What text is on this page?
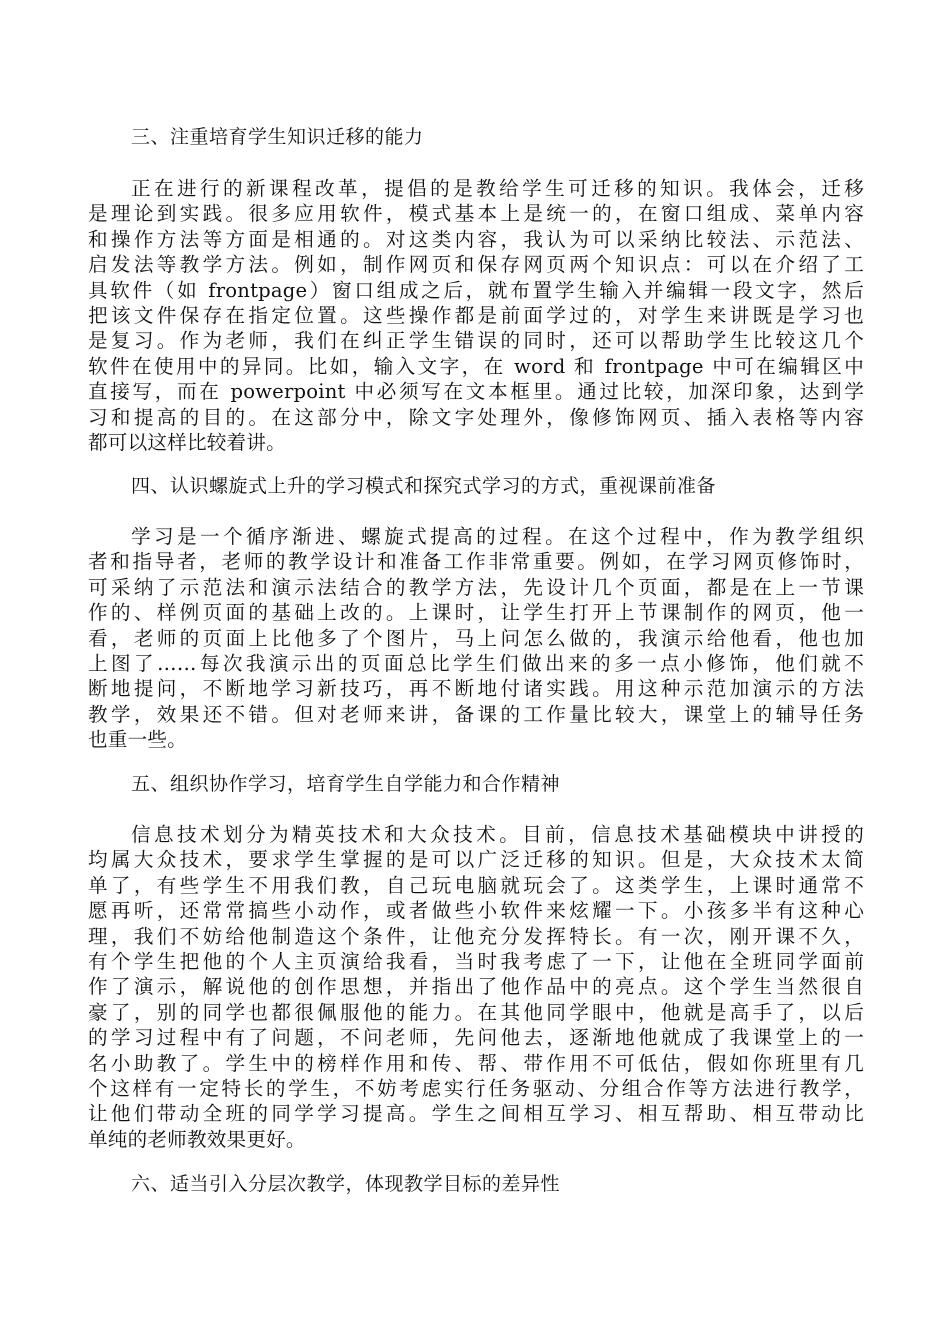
三、注重培育学生知识迁移的能力
正在进行的新课程改革，提倡的是教给学生可迁移的知识。我体会，迁移
是理论到实践。很多应用软件，模式基本上是统一的，在窗口组成、菜单内容
和操作方法等方面是相通的。对这类内容，我认为可以采纳比较法、示范法、
启发法等教学方法。例如，制作网页和保存网页两个知识点：可以在介绍了工
具软件（如 frontpage）窗口组成之后，就布置学生输入并编辑一段文字，然后
把该文件保存在指定位置。这些操作都是前面学过的，对学生来讲既是学习也
是复习。作为老师，我们在纠正学生错误的同时，还可以帮助学生比较这几个
软件在使用中的异同。比如，输入文字，在 word 和 frontpage 中可在编辑区中
直接写，而在 powerpoint 中必须写在文本框里。通过比较，加深印象，达到学
习和提高的目的。在这部分中，除文字处理外，像修饰网页、插入表格等内容
都可以这样比较着讲。
四、认识螺旋式上升的学习模式和探究式学习的方式，重视课前准备
学习是一个循序渐进、螺旋式提高的过程。在这个过程中，作为教学组织
者和指导者，老师的教学设计和准备工作非常重要。例如，在学习网页修饰时，
可采纳了示范法和演示法结合的教学方法，先设计几个页面，都是在上一节课
作的、样例页面的基础上改的。上课时，让学生打开上节课制作的网页，他一
看，老师的页面上比他多了个图片，马上问怎么做的，我演示给他看，他也加
上图了……每次我演示出的页面总比学生们做出来的多一点小修饰，他们就不
断地提问，不断地学习新技巧，再不断地付诸实践。用这种示范加演示的方法
教学，效果还不错。但对老师来讲，备课的工作量比较大，课堂上的辅导任务
也重一些。
五、组织协作学习，培育学生自学能力和合作精神
信息技术划分为精英技术和大众技术。目前，信息技术基础模块中讲授的
均属大众技术，要求学生掌握的是可以广泛迁移的知识。但是，大众技术太简
单了，有些学生不用我们教，自己玩电脑就玩会了。这类学生，上课时通常不
愿再听，还常常搞些小动作，或者做些小软件来炫耀一下。小孩多半有这种心
理，我们不妨给他制造这个条件，让他充分发挥特长。有一次，刚开课不久，
有个学生把他的个人主页演给我看，当时我考虑了一下，让他在全班同学面前
作了演示，解说他的创作思想，并指出了他作品中的亮点。这个学生当然很自
豪了，别的同学也都很佩服他的能力。在其他同学眼中，他就是高手了，以后
的学习过程中有了问题，不问老师，先问他去，逐渐地他就成了我课堂上的一
名小助教了。学生中的榜样作用和传、帮、带作用不可低估，假如你班里有几
个这样有一定特长的学生，不妨考虑实行任务驱动、分组合作等方法进行教学，
让他们带动全班的同学学习提高。学生之间相互学习、相互帮助、相互带动比
单纯的老师教效果更好。
六、适当引入分层次教学，体现教学目标的差异性
